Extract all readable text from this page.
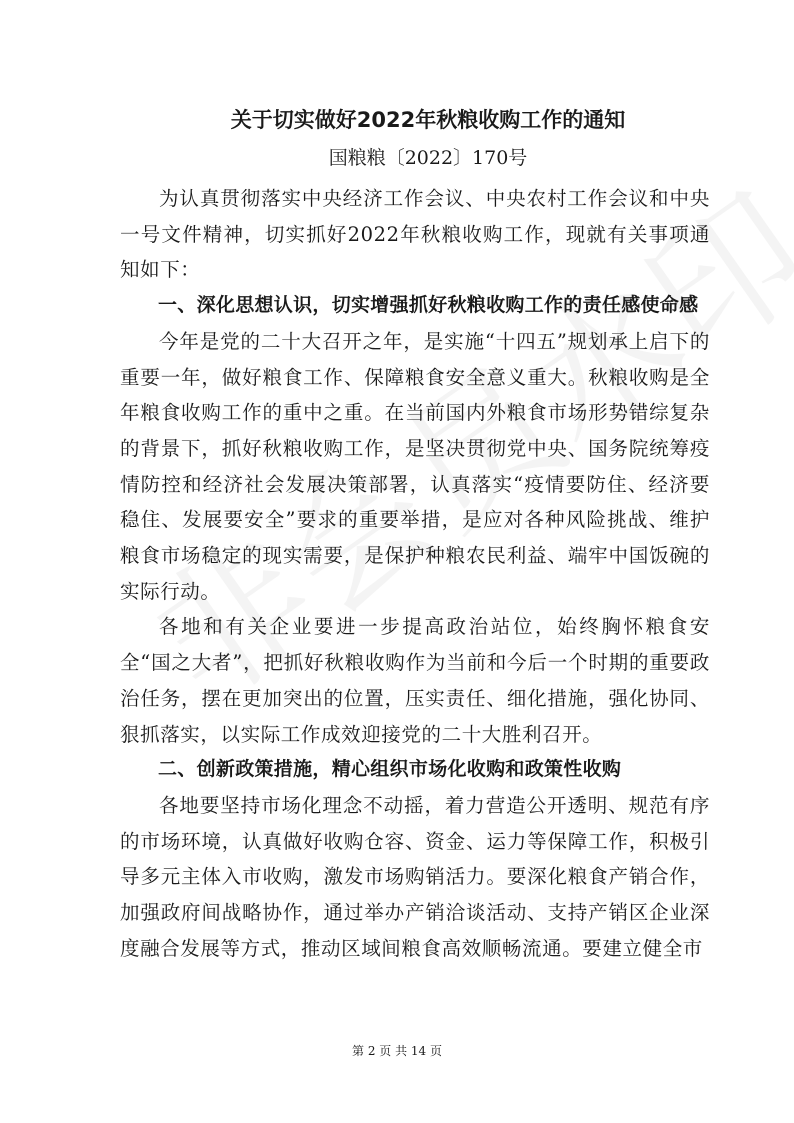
关于切实做好2022年秋粮收购工作的通知

国粮粮〔2022〕170号

为认真贯彻落实中央经济工作会议、中央农村工作会议和中央一号文件精神，切实抓好2022年秋粮收购工作，现就有关事项通知如下：

一、深化思想认识，切实增强抓好秋粮收购工作的责任感使命感

今年是党的二十大召开之年，是实施“十四五”规划承上启下的重要一年，做好粮食工作、保障粮食安全意义重大。秋粮收购是全年粮食收购工作的重中之重。在当前国内外粮食市场形势错综复杂的背景下，抓好秋粮收购工作，是坚决贯彻党中央、国务院统筹疫情防控和经济社会发展决策部署，认真落实“疫情要防住、经济要稳住、发展要安全”要求的重要举措，是应对各种风险挑战、维护粮食市场稳定的现实需要，是保护种粮农民利益、端牢中国饭碗的实际行动。

各地和有关企业要进一步提高政治站位，始终胸怀粮食安全“国之大者”，把抓好秋粮收购作为当前和今后一个时期的重要政治任务，摆在更加突出的位置，压实责任、细化措施，强化协同、狠抓落实，以实际工作成效迎接党的二十大胜利召开。

二、创新政策措施，精心组织市场化收购和政策性收购

各地要坚持市场化理念不动摇，着力营造公开透明、规范有序的市场环境，认真做好收购仓容、资金、运力等保障工作，积极引导多元主体入市收购，激发市场购销活力。要深化粮食产销合作，加强政府间战略协作，通过举办产销洽谈活动、支持产销区企业深度融合发展等方式，推动区域间粮食高效顺畅流通。要建立健全市

第 2 页 共 14 页
